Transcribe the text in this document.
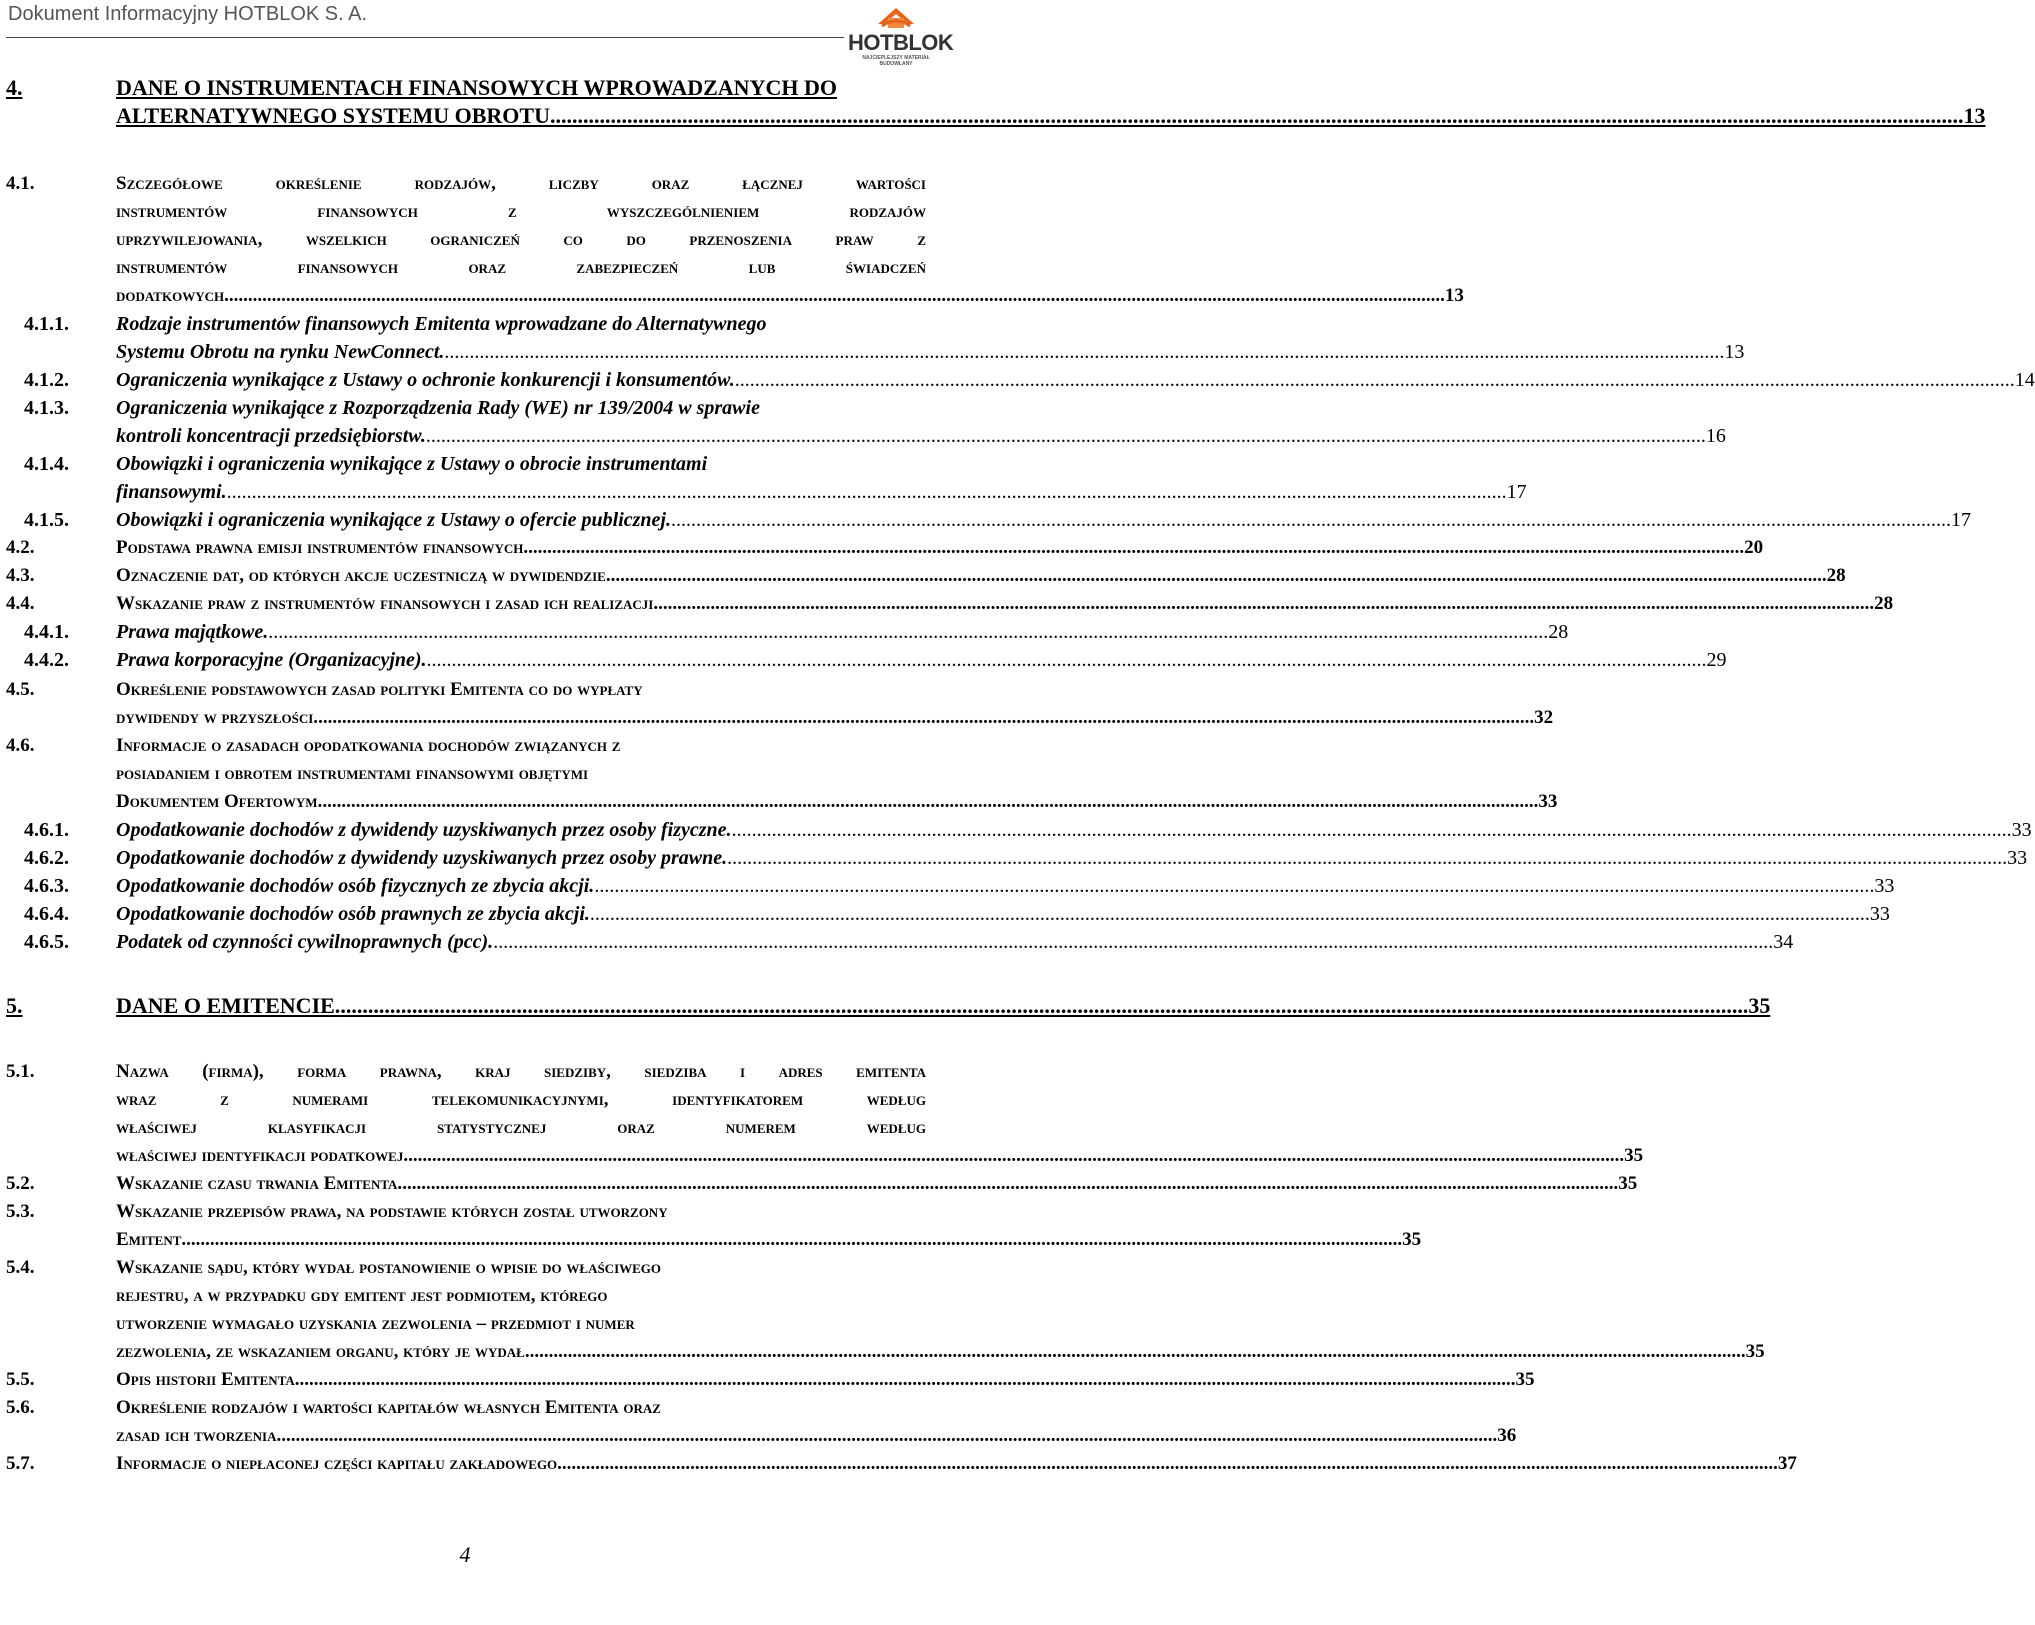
Dokument Informacyjny HOTBLOK S. A.
HOTBLOK
NAJCIEPLEJSZY MATERIAŁ BUDOWLANY
4.	DANE O INSTRUMENTACH FINANSOWYCH WPROWADZANYCH DO
ALTERNATYWNEGO SYSTEMU OBROTU. .....	13
4.1.	Szczegółowe określenie rodzajów, liczby oraz łącznej wartości
instrumentów finansowych z wyszczególnieniem rodzajów
uprzywilejowania, wszelkich ograniczeń co do przenoszenia praw z
instrumentów finansowych oraz zabezpieczeń lub świadczeń
dodatkowych. .....	13
4.1.1. Rodzaje instrumentów finansowych Emitenta wprowadzane do Alternatywnego
Systemu Obrotu na rynku NewConnect. .....	13
4.1.2. Ograniczenia wynikające z Ustawy o ochronie konkurencji i konsumentów. .....	14
4.1.3. Ograniczenia wynikające z Rozporządzenia Rady (WE) nr 139/2004 w sprawie
kontroli koncentracji przedsiębiorstw. .....	16
4.1.4. Obowiązki i ograniczenia wynikające z Ustawy o obrocie instrumentami
finansowymi. .....	17
4.1.5. Obowiązki i ograniczenia wynikające z Ustawy o ofercie publicznej. .....	17
4.2.	Podstawa prawna emisji instrumentów finansowych. .....	20
4.3.	Oznaczenie dat, od których akcje uczestniczą w dywidendzie. .....	28
4.4.	Wskazanie praw z instrumentów finansowych i zasad ich realizacji. .....	28
4.4.1. Prawa majątkowe. .....	28
4.4.2. Prawa korporacyjne (Organizacyjne). .....	29
4.5.	Określenie podstawowych zasad polityki Emitenta co do wypłaty
dywidendy w przyszłości. .....	32
4.6.	Informacje o zasadach opodatkowania dochodów związanych z
posiadaniem i obrotem instrumentami finansowymi objętymi
Dokumentem Ofertowym. .....	33
4.6.1. Opodatkowanie dochodów z dywidendy uzyskiwanych przez osoby fizyczne. .....	33
4.6.2. Opodatkowanie dochodów z dywidendy uzyskiwanych przez osoby prawne. .....	33
4.6.3. Opodatkowanie dochodów osób fizycznych ze zbycia akcji. .....	33
4.6.4. Opodatkowanie dochodów osób prawnych ze zbycia akcji. .....	33
4.6.5. Podatek od czynności cywilnoprawnych (pcc). .....	34
5.	DANE O EMITENCIE. .....	35
5.1.	Nazwa (firma), forma prawna, kraj siedziby, siedziba i adres emitenta
wraz z numerami telekomunikacyjnymi, identyfikatorem według
właściwej klasyfikacji statystycznej oraz numerem według
właściwej identyfikacji podatkowej. .....	35
5.2.	Wskazanie czasu trwania Emitenta. .....	35
5.3.	Wskazanie przepisów prawa, na podstawie których został utworzony
Emitent. .....	35
5.4.	Wskazanie sądu, który wydał postanowienie o wpisie do właściwego
rejestru, a w przypadku gdy emitent jest podmiotem, którego
utworzenie wymagało uzyskania zezwolenia – przedmiot i numer
zezwolenia, ze wskazaniem organu, który je wydał. .....	35
5.5.	Opis historii Emitenta. .....	35
5.6.	Określenie rodzajów i wartości kapitałów własnych Emitenta oraz
zasad ich tworzenia. .....	36
5.7.	Informacje o niepłaconej części kapitału zakładowego. .....	37
4
